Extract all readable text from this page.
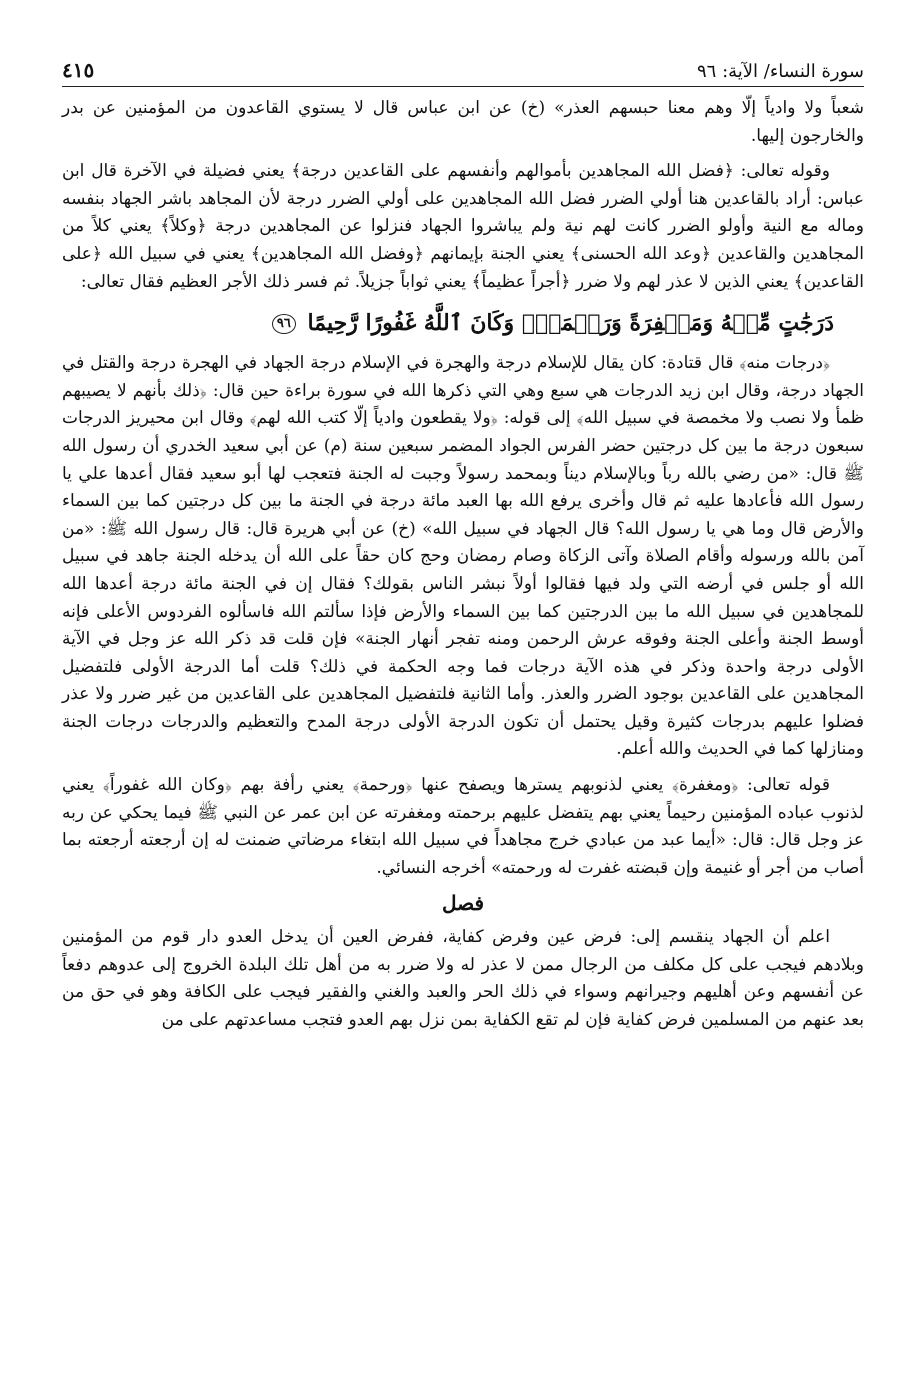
سورة النساء/ الآية: ٩٦
٤١٥

شعباً ولا وادياً إلّا وهم معنا حبسهم العذر» (خ) عن ابن عباس قال لا يستوي القاعدون من المؤمنين عن بدر والخارجون إليها.

وقوله تعالى: ﴿فضل الله المجاهدين بأموالهم وأنفسهم على القاعدين درجة﴾ يعني فضيلة في الآخرة قال ابن عباس: أراد بالقاعدين هنا أولي الضرر فضل الله المجاهدين على أولي الضرر درجة لأن المجاهد باشر الجهاد بنفسه وماله مع النية وأولو الضرر كانت لهم نية ولم يباشروا الجهاد فنزلوا عن المجاهدين درجة ﴿وكلاً﴾ يعني كلاً من المجاهدين والقاعدين ﴿وعد الله الحسنى﴾ يعني الجنة بإيمانهم ﴿وفضل الله المجاهدين﴾ يعني في سبيل الله ﴿على القاعدين﴾ يعني الذين لا عذر لهم ولا ضرر ﴿أجراً عظيماً﴾ يعني ثواباً جزيلاً. ثم فسر ذلك الأجر العظيم فقال تعالى:

دَرَجَٰتٍ مِّنۡهُ وَمَغۡفِرَةً وَرَحۡمَةًۚ وَكَانَ ٱللَّهُ غَفُورًا رَّحِيمًا ٩٦

﴿درجات منه﴾ قال قتادة: كان يقال للإسلام درجة والهجرة في الإسلام درجة الجهاد في الهجرة درجة والقتل في الجهاد درجة، وقال ابن زيد الدرجات هي سبع وهي التي ذكرها الله في سورة براءة حين قال: ﴿ذلك بأنهم لا يصيبهم ظمأ ولا نصب ولا مخمصة في سبيل الله﴾ إلى قوله: ﴿ولا يقطعون وادياً إلّا كتب الله لهم﴾ وقال ابن محيريز الدرجات سبعون درجة ما بين كل درجتين حضر الفرس الجواد المضمر سبعين سنة (م) عن أبي سعيد الخدري أن رسول الله ﷺ قال: «من رضي بالله رباً وبالإسلام ديناً وبمحمد رسولاً وجبت له الجنة فتعجب لها أبو سعيد فقال أعدها علي يا رسول الله فأعادها عليه ثم قال وأخرى يرفع الله بها العبد مائة درجة في الجنة ما بين كل درجتين كما بين السماء والأرض قال وما هي يا رسول الله؟ قال الجهاد في سبيل الله» (خ) عن أبي هريرة قال: قال رسول الله ﷺ: «من آمن بالله ورسوله وأقام الصلاة وآتى الزكاة وصام رمضان وحج كان حقاً على الله أن يدخله الجنة جاهد في سبيل الله أو جلس في أرضه التي ولد فيها فقالوا أولاً نبشر الناس بقولك؟ فقال إن في الجنة مائة درجة أعدها الله للمجاهدين في سبيل الله ما بين الدرجتين كما بين السماء والأرض فإذا سألتم الله فاسألوه الفردوس الأعلى فإنه أوسط الجنة وأعلى الجنة وفوقه عرش الرحمن ومنه تفجر أنهار الجنة» فإن قلت قد ذكر الله عز وجل في الآية الأولى درجة واحدة وذكر في هذه الآية درجات فما وجه الحكمة في ذلك؟ قلت أما الدرجة الأولى فلتفضيل المجاهدين على القاعدين بوجود الضرر والعذر. وأما الثانية فلتفضيل المجاهدين على القاعدين من غير ضرر ولا عذر فضلوا عليهم بدرجات كثيرة وقيل يحتمل أن تكون الدرجة الأولى درجة المدح والتعظيم والدرجات درجات الجنة ومنازلها كما في الحديث والله أعلم.

قوله تعالى: ﴿ومغفرة﴾ يعني لذنوبهم يسترها ويصفح عنها ﴿ورحمة﴾ يعني رأفة بهم ﴿وكان الله غفوراً﴾ يعني لذنوب عباده المؤمنين رحيماً يعني بهم يتفضل عليهم برحمته ومغفرته عن ابن عمر عن النبي ﷺ فيما يحكي عن ربه عز وجل قال: قال: «أيما عبد من عبادي خرج مجاهداً في سبيل الله ابتغاء مرضاتي ضمنت له إن أرجعته أرجعته بما أصاب من أجر أو غنيمة وإن قبضته غفرت له ورحمته» أخرجه النسائي.

فصل

اعلم أن الجهاد ينقسم إلى: فرض عين وفرض كفاية، ففرض العين أن يدخل العدو دار قوم من المؤمنين وبلادهم فيجب على كل مكلف من الرجال ممن لا عذر له ولا ضرر به من أهل تلك البلدة الخروج إلى عدوهم دفعاً عن أنفسهم وعن أهليهم وجيرانهم وسواء في ذلك الحر والعبد والغني والفقير فيجب على الكافة وهو في حق من بعد عنهم من المسلمين فرض كفاية فإن لم تقع الكفاية بمن نزل بهم العدو فتجب مساعدتهم على من
